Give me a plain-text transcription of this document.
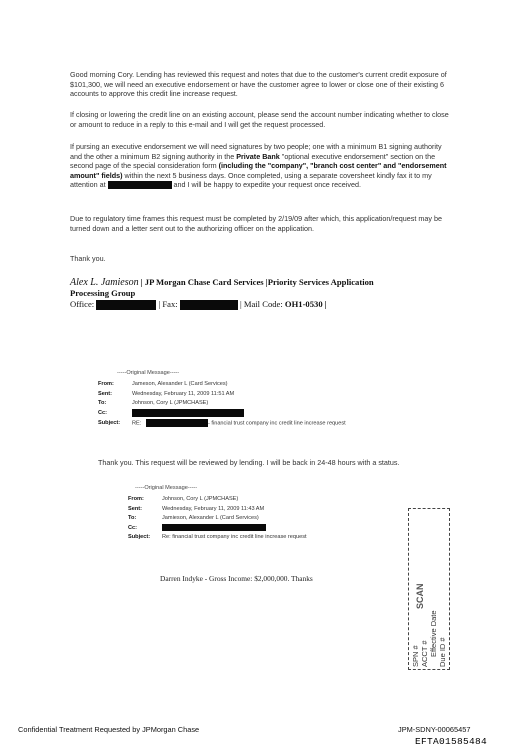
Good morning Cory. Lending has reviewed this request and notes that due to the customer's current credit exposure of $101,300, we will need an executive endorsement or have the customer agree to lower or close one of their existing 6 accounts to approve this credit line increase request.
If closing or lowering the credit line on an existing account, please send the account number indicating whether to close or amount to reduce in a reply to this e-mail and I will get the request processed.
If pursing an executive endorsement we will need signatures by two people; one with a minimum B1 signing authority and the other a minimum B2 signing authority in the Private Bank "optional executive endorsement" section on the second page of the special consideration form (including the "company", "branch cost center" and "endorsement amount" fields) within the next 5 business days. Once completed, using a separate coversheet kindly fax it to my attention at	and I will be happy to expedite your request once received.
Due to regulatory time frames this request must be completed by 2/19/09 after which, this application/request may be turned down and a letter sent out to the authorizing officer on the application.
Thank you.
Alex L. Jamieson | JP Morgan Chase Card Services |Priority Services Application
Processing Group
Office:	| Fax:	| Mail Code: OH1-0530 |
-----Original Message-----
From:	Jameson, Alexander L (Card Services)
Sent:	Wednesday, February 11, 2009 11:51 AM
To:	Johnson, Cory L (JPMCHASE)
Cc:
Subject: RE:	- financial trust company inc credit line increase request
Thank you. This request will be reviewed by lending. I will be back in 24-48 hours with a status.
-----Original Message-----
From:	Johnson, Cory L (JPMCHASE)
Sent:	Wednesday, February 11, 2009 11:43 AM
To:	Jamieson, Alexander L (Card Services)
Cc:
Subject: Re: financial trust company inc credit line increase request
Darren Indyke - Gross Income: $2,000,000. Thanks
Effective Date
SCAN
Due ID #
ACCT #
SPN #
Confidential Treatment Requested by JPMorgan Chase	JPM-SDNY-00065457
EFTA01585484
